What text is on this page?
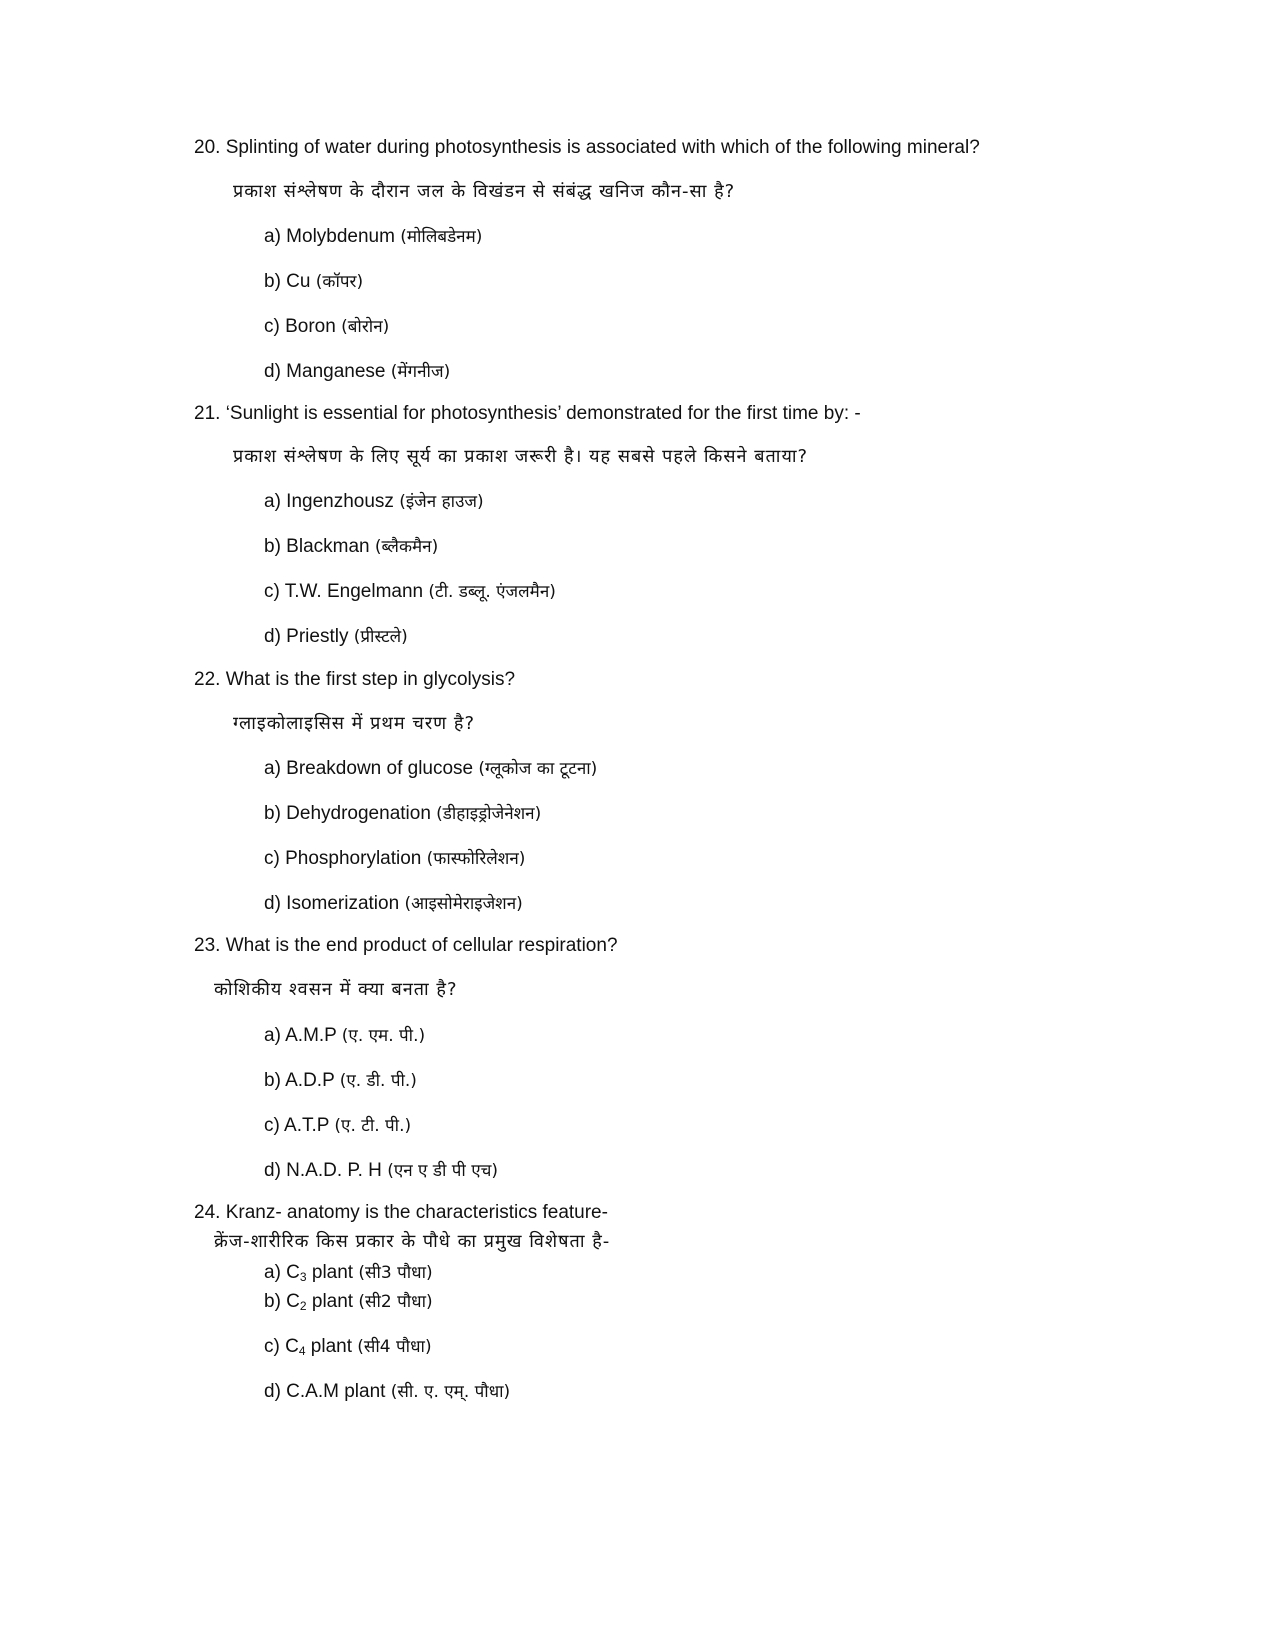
20. Splinting of water during photosynthesis is associated with which of the following mineral?
प्रकाश संश्लेषण के दौरान जल के विखंडन से संबंद्ध खनिज कौन-सा है?
a) Molybdenum (मोलिबडेनम)
b) Cu (कॉपर)
c) Boron (बोरोन)
d) Manganese (मेंगनीज)
21. ‘Sunlight is essential for photosynthesis’ demonstrated for the first time by: -
प्रकाश संश्लेषण के लिए सूर्य का प्रकाश जरूरी है। यह सबसे पहले किसने बताया?
a) Ingenzhousz (इंजेन हाउज)
b) Blackman (ब्लैकमैन)
c) T.W. Engelmann (टी. डब्लू. एंजलमैन)
d) Priestly (प्रीस्टले)
22. What is the first step in glycolysis?
ग्लाइकोलाइसिस में प्रथम चरण है?
a) Breakdown of glucose (ग्लूकोज का टूटना)
b) Dehydrogenation (डीहाइड्रोजेनेशन)
c) Phosphorylation (फास्फोरिलेशन)
d) Isomerization (आइसोमेराइजेशन)
23. What is the end product of cellular respiration?
कोशिकीय श्वसन में क्या बनता है?
a) A.M.P (ए. एम. पी.)
b) A.D.P (ए. डी. पी.)
c) A.T.P (ए. टी. पी.)
d) N.A.D. P. H (एन ए डी पी एच)
24. Kranz- anatomy is the characteristics feature-
क्रेंज-शारीरिक किस प्रकार के पौधे का प्रमुख विशेषता है-
a) $C_3$ plant (सी3 पौधा)
b) $C_2$ plant (सी2 पौधा)
c) $C_4$ plant (सी4 पौधा)
d) C.A.M plant (सी. ए. एम्. पौधा)
